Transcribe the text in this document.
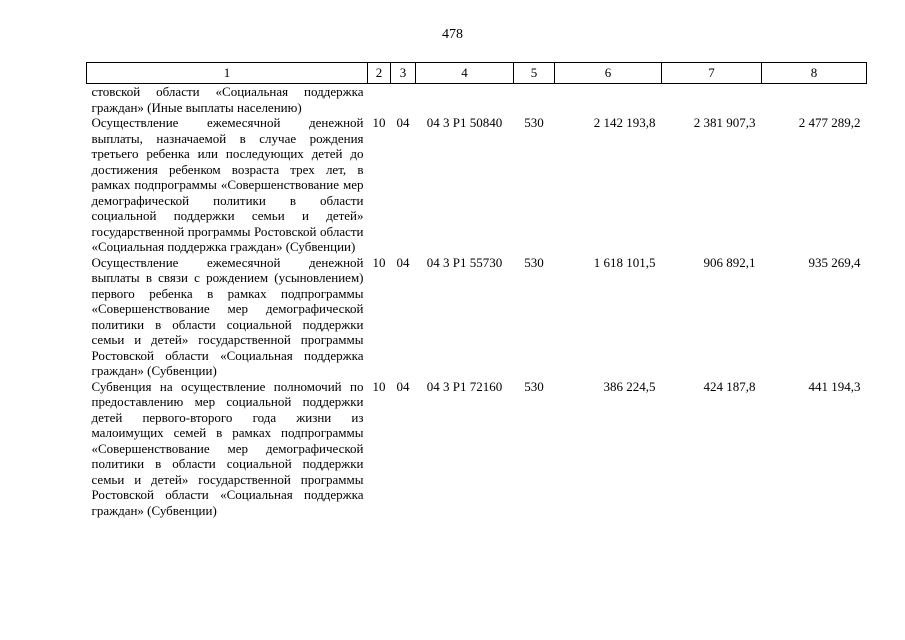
478
1	2	3	4	5	6	7	8
стовской области «Социальная поддержка граждан» (Иные выплаты населению)							
Осуществление ежемесячной денежной выплаты, назначаемой в случае рождения третьего ребенка или последующих детей до достижения ребенком возраста трех лет, в рамках подпрограммы «Совершенствование мер демографической политики в области социальной поддержки семьи и детей» государственной программы Ростовской области «Социальная поддержка граждан» (Субвенции)	10	04	04 3 P1 50840	530	2 142 193,8	2 381 907,3	2 477 289,2
Осуществление ежемесячной денежной выплаты в связи с рождением (усыновлением) первого ребенка в рамках подпрограммы «Совершенствование мер демографической политики в области социальной поддержки семьи и детей» государственной программы Ростовской области «Социальная поддержка граждан» (Субвенции)	10	04	04 3 P1 55730	530	1 618 101,5	906 892,1	935 269,4
Субвенция на осуществление полномочий по предоставлению мер социальной поддержки детей первого-второго года жизни из малоимущих семей в рамках подпрограммы «Совершенствование мер демографической политики в области социальной поддержки семьи и детей» государственной программы Ростовской области «Социальная поддержка граждан» (Субвенции)	10	04	04 3 P1 72160	530	386 224,5	424 187,8	441 194,3
